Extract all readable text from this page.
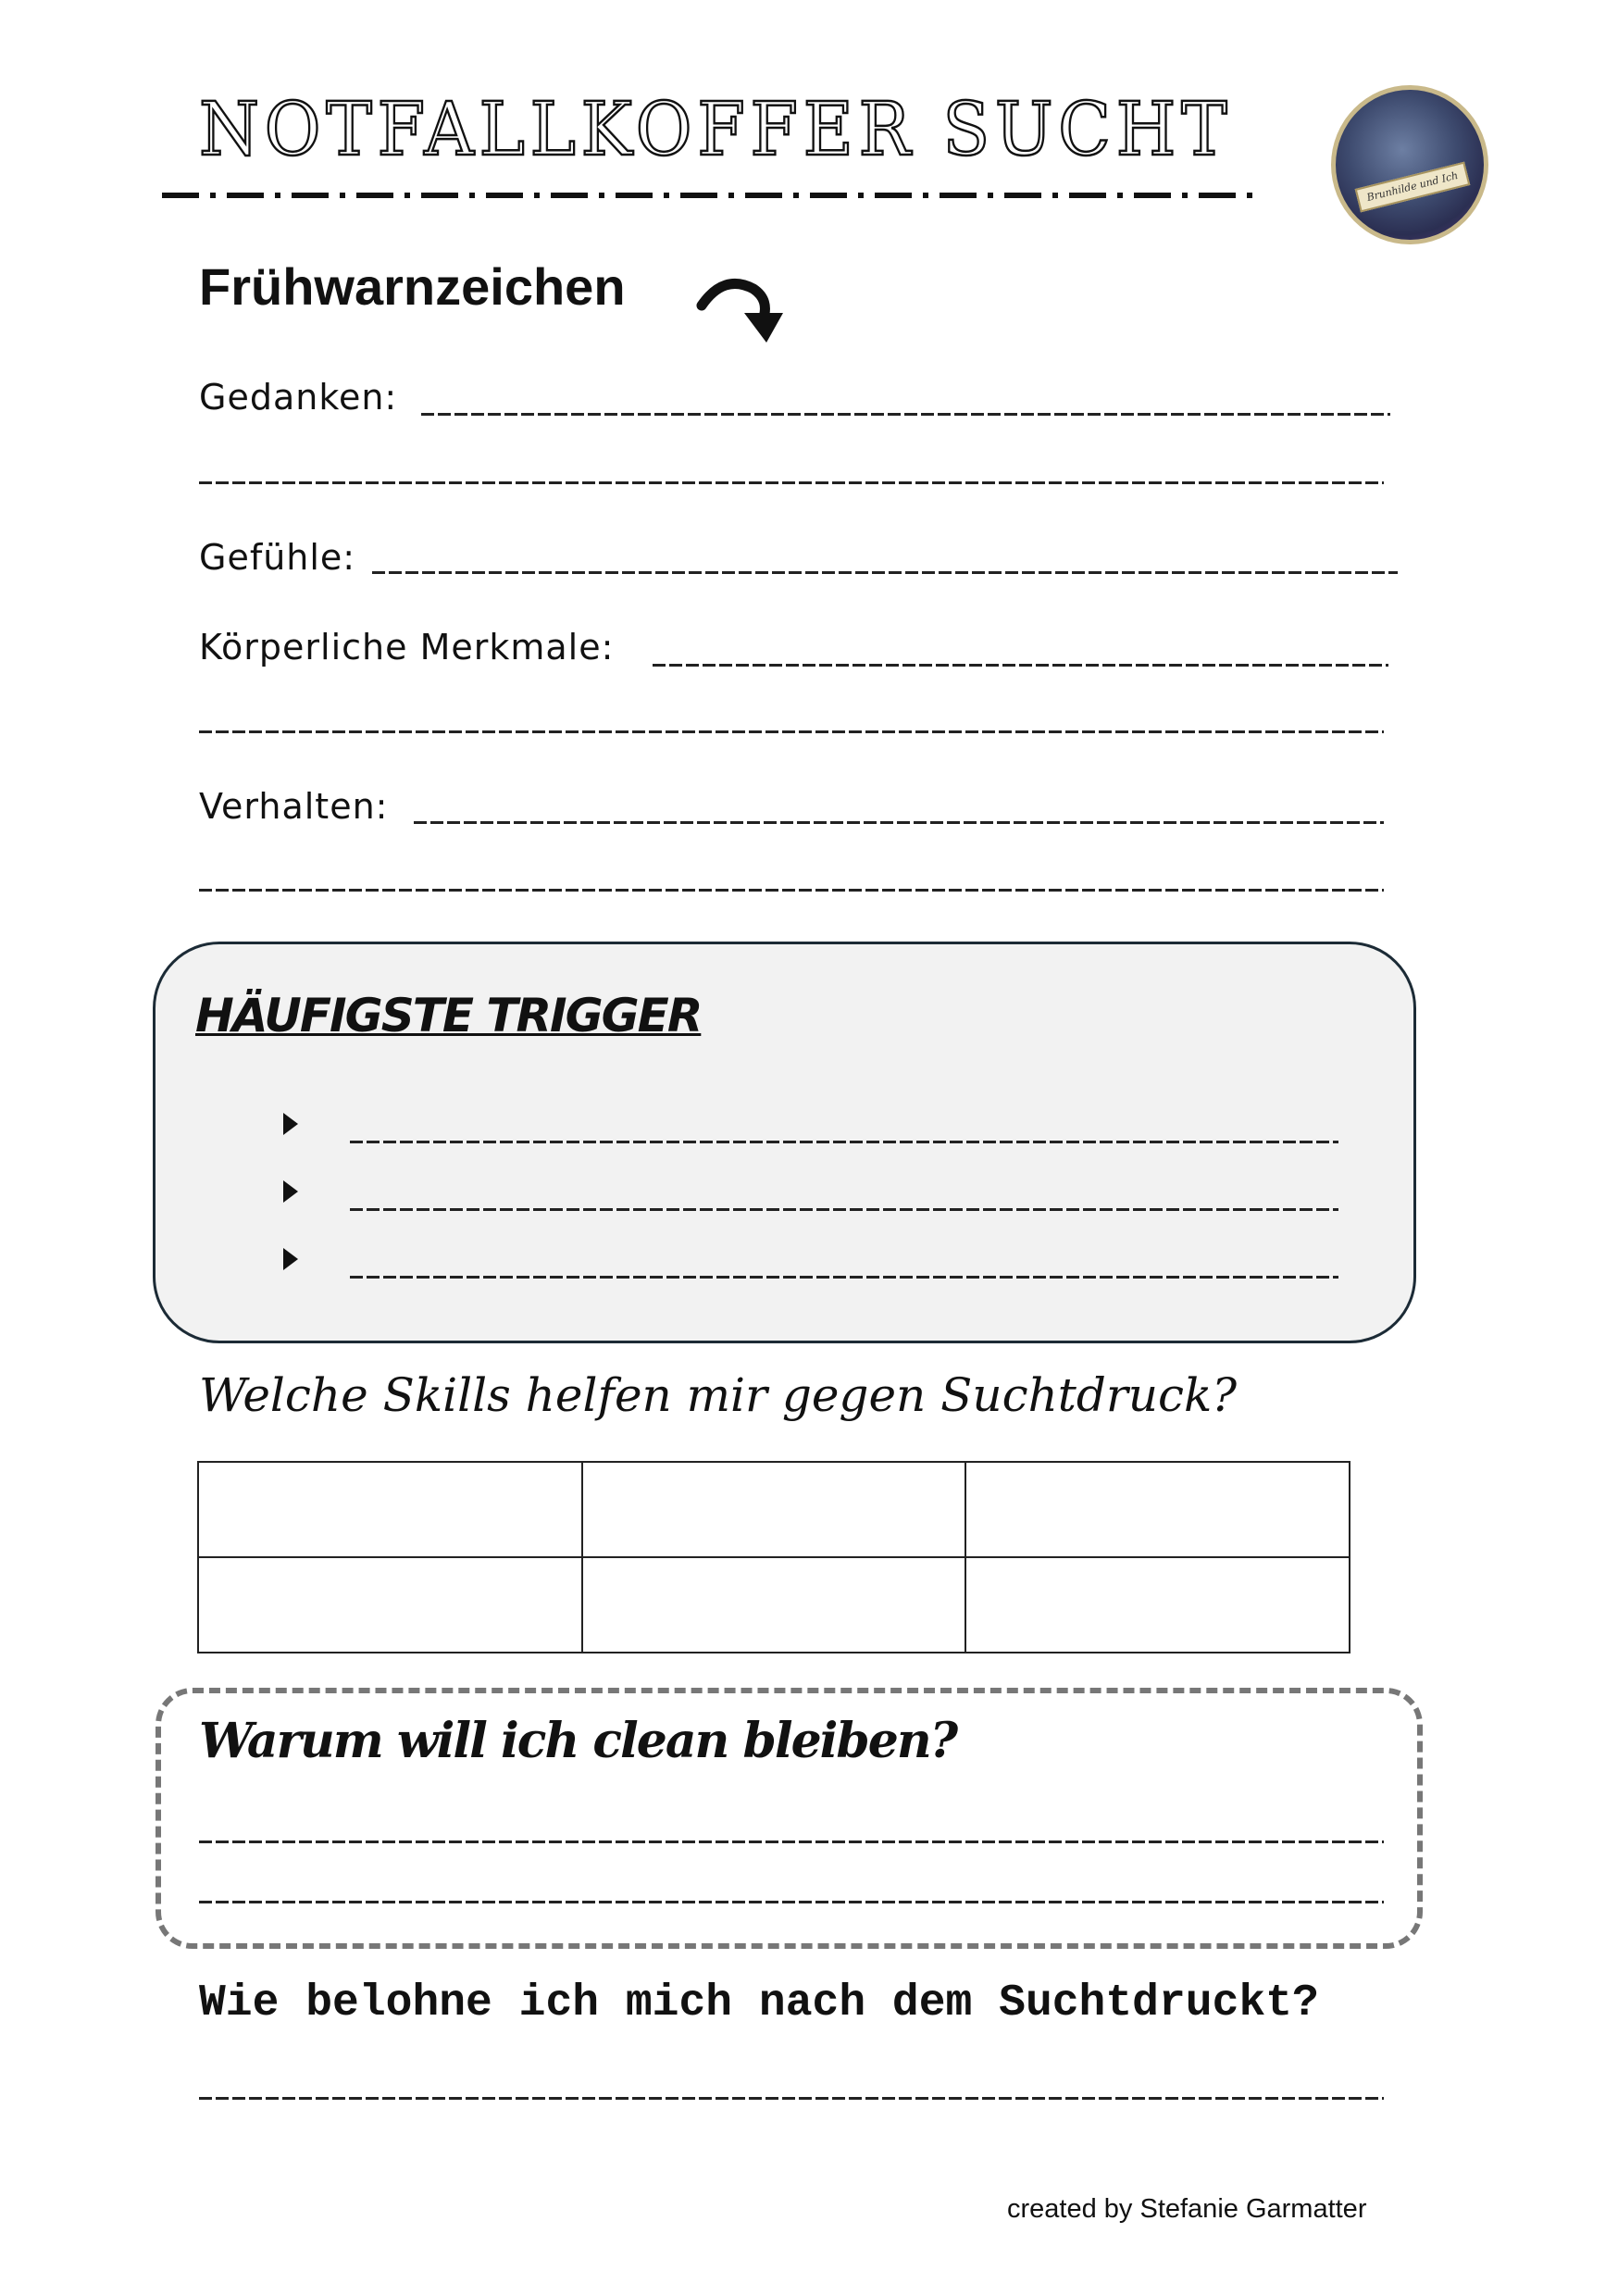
NOTFALLKOFFER SUCHT
Brunhilde und Ich
Frühwarnzeichen
Gedanken:
Gefühle:
Körperliche Merkmale:
Verhalten:
HÄUFIGSTE TRIGGER
Welche Skills helfen mir gegen Suchtdruck?

Warum will ich clean bleiben?
Wie belohne ich mich nach dem Suchtdruckt?
created by Stefanie Garmatter
